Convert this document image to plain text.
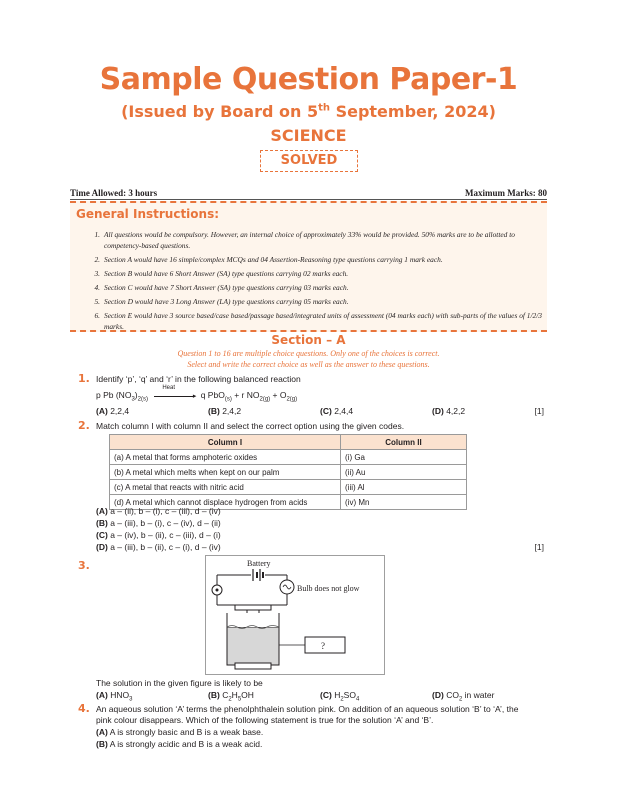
Sample Question Paper-1
(Issued by Board on 5th September, 2024)
SCIENCE
SOLVED
Time Allowed: 3 hours	Maximum Marks: 80
General Instructions:
1. All questions would be compulsory. However, an internal choice of approximately 33% would be provided. 50% marks are to be allotted to competency-based questions.
2. Section A would have 16 simple/complex MCQs and 04 Assertion-Reasoning type questions carrying 1 mark each.
3. Section B would have 6 Short Answer (SA) type questions carrying 02 marks each.
4. Section C would have 7 Short Answer (SA) type questions carrying 03 marks each.
5. Section D would have 3 Long Answer (LA) type questions carrying 05 marks each.
6. Section E would have 3 source based/case based/passage based/integrated units of assessment (04 marks each) with sub-parts of the values of 1/2/3 marks.
Section – A
Question 1 to 16 are multiple choice questions. Only one of the choices is correct.
Select and write the correct choice as well as the answer to these questions.
1. Identify ‘p’, ‘q’ and ‘r’ in the following balanced reaction
p Pb $(NO_3)_{2(s)}$
Heat
▸ q PbO$_{(s)}$ + r $NO_{2(g)} + O_{2(g)}$
(A) 2,2,4	(B) 2,4,2	(C) 2,4,4	(D) 4,2,2	[1]
2. Match column I with column II and select the correct option using the given codes.
Column I	Column II
(a) A metal that forms amphoteric oxides	(i) Ga
(b) A metal which melts when kept on our palm	(ii) Au
(c) A metal that reacts with nitric acid	(iii) Al
(d) A metal which cannot displace hydrogen from acids	(iv) Mn
(A) a – (ii), b – (i), c – (iii), d – (iv)
(B) a – (iii), b – (i), c – (iv), d – (ii)
(C) a – (iv), b – (ii), c – (iii), d – (i)
(D) a – (iii), b – (ii), c – (i), d – (iv)	[1]
3.	Battery
Bulb does not glow
?
The solution in the given figure is likely to be
(A) $HNO_3$	(B) $C_2H_5OH$	(C) $H_2SO_4$	(D) $CO_2$ in water
4. An aqueous solution ‘A’ terms the phenolphthalein solution pink. On addition of an aqueous solution ‘B’ to ‘A’, the
pink colour disappears. Which of the following statement is true for the solution ‘A’ and ‘B’.
(A) A is strongly basic and B is a weak base.
(B) A is strongly acidic and B is a weak acid.
